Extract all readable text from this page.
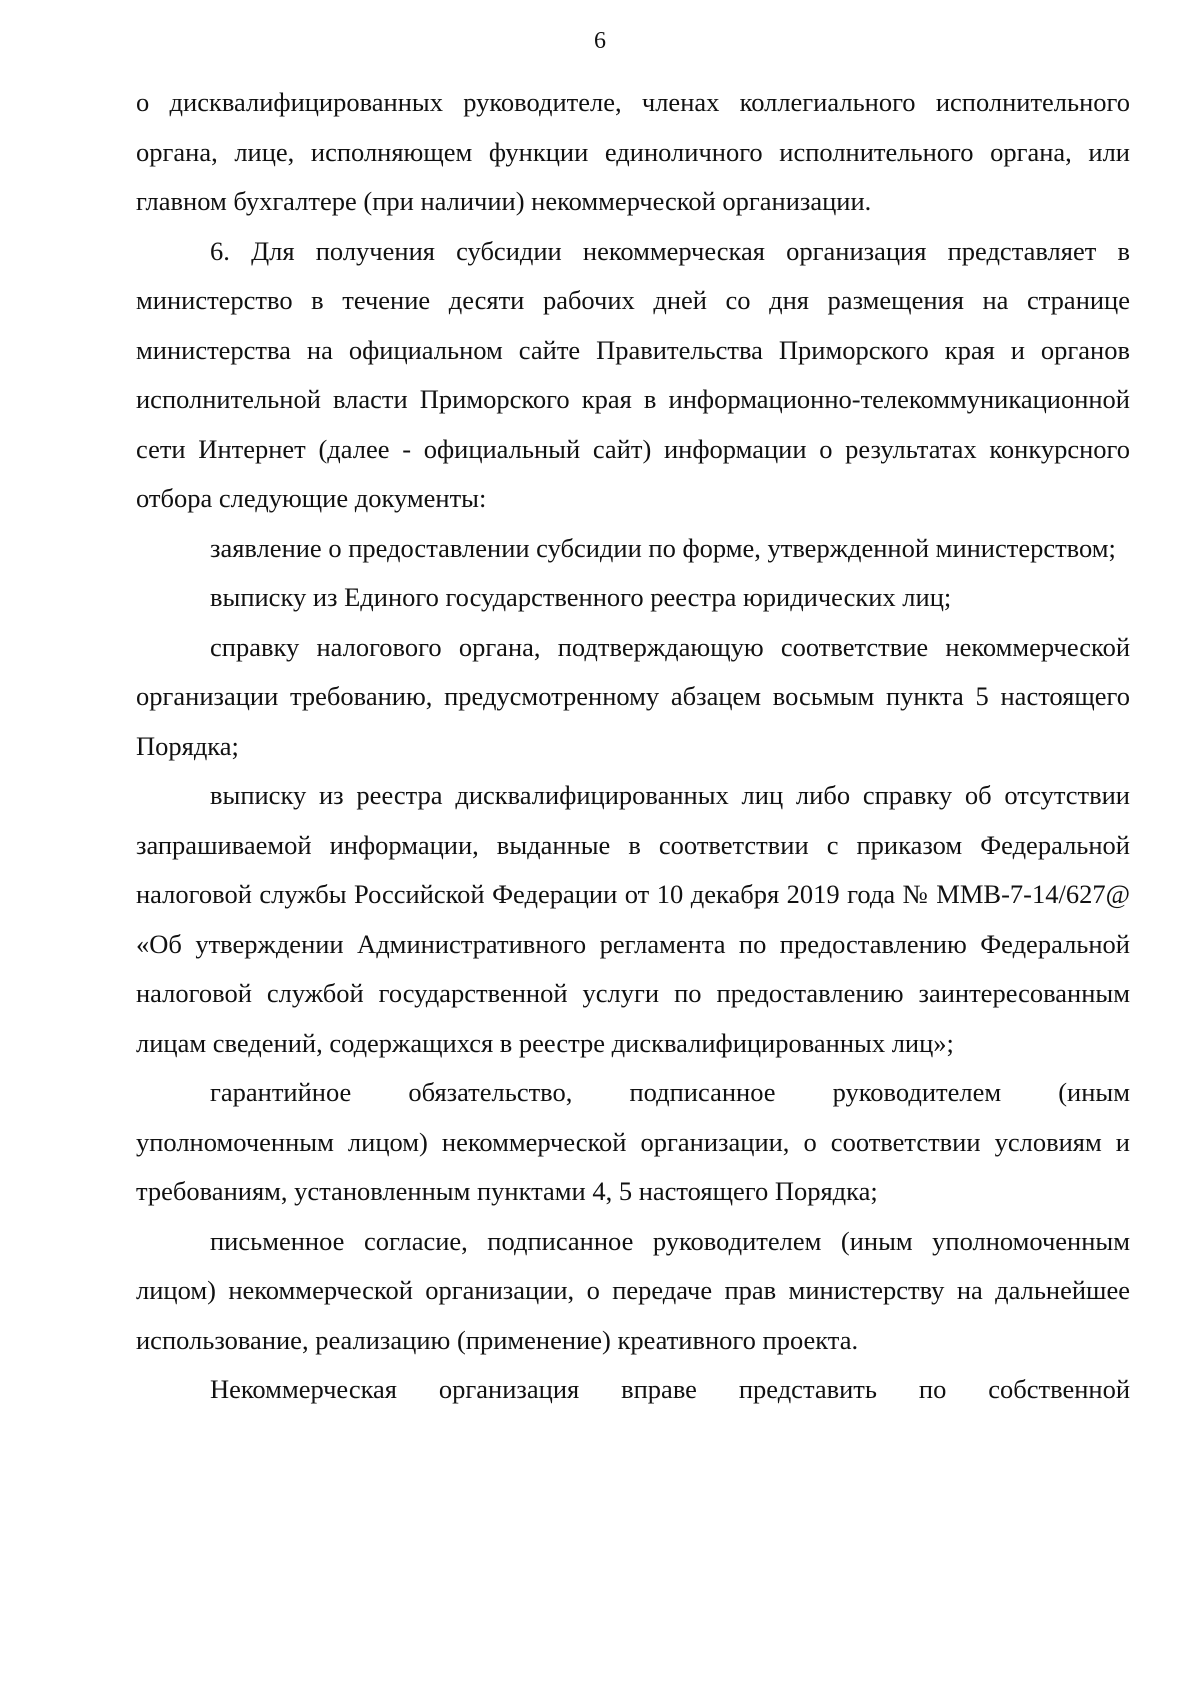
6

о дисквалифицированных руководителе, членах коллегиального исполнительного органа, лице, исполняющем функции единоличного исполнительного органа, или главном бухгалтере (при наличии) некоммерческой организации.

6. Для получения субсидии некоммерческая организация представляет в министерство в течение десяти рабочих дней со дня размещения на странице министерства на официальном сайте Правительства Приморского края и органов исполнительной власти Приморского края в информационно-телекоммуникационной сети Интернет (далее - официальный сайт) информации о результатах конкурсного отбора следующие документы:

заявление о предоставлении субсидии по форме, утвержденной министерством;

выписку из Единого государственного реестра юридических лиц;

справку налогового органа, подтверждающую соответствие некоммерческой организации требованию, предусмотренному абзацем восьмым пункта 5 настоящего Порядка;

выписку из реестра дисквалифицированных лиц либо справку об отсутствии запрашиваемой информации, выданные в соответствии с приказом Федеральной налоговой службы Российской Федерации от 10 декабря 2019 года № ММВ-7-14/627@ «Об утверждении Административного регламента по предоставлению Федеральной налоговой службой государственной услуги по предоставлению заинтересованным лицам сведений, содержащихся в реестре дисквалифицированных лиц»;

гарантийное обязательство, подписанное руководителем (иным уполномоченным лицом) некоммерческой организации, о соответствии условиям и требованиям, установленным пунктами 4, 5 настоящего Порядка;

письменное согласие, подписанное руководителем (иным уполномоченным лицом) некоммерческой организации, о передаче прав министерству на дальнейшее использование, реализацию (применение) креативного проекта.

Некоммерческая организация вправе представить по собственной
